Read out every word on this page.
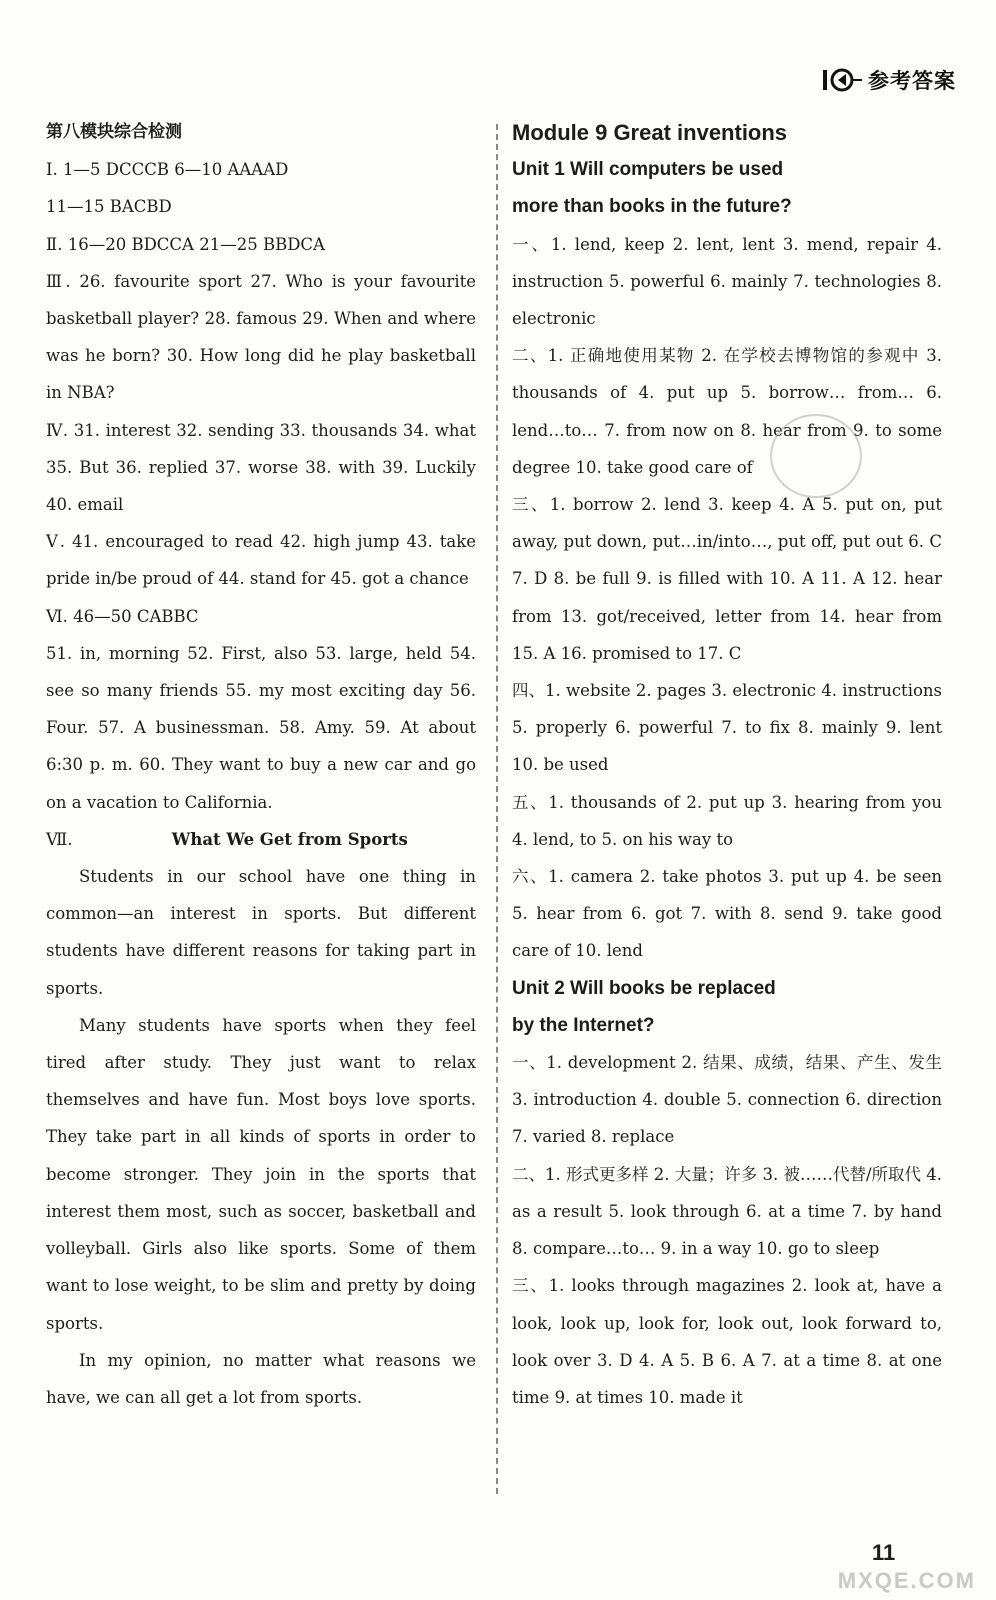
参考答案

第八模块综合检测

Ⅰ. 1—5 DCCCB 6—10 AAAAD

11—15 BACBD

Ⅱ. 16—20 BDCCA 21—25 BBDCA

Ⅲ. 26. favourite sport 27. Who is your favourite basketball player? 28. famous 29. When and where was he born? 30. How long did he play basketball in NBA?

Ⅳ. 31. interest 32. sending 33. thousands 34. what 35. But 36. replied 37. worse 38. with 39. Luckily 40. email

Ⅴ. 41. encouraged to read 42. high jump 43. take pride in/be proud of 44. stand for 45. got a chance

Ⅵ. 46—50 CABBC

51. in, morning 52. First, also 53. large, held 54. see so many friends 55. my most exciting day 56. Four. 57. A businessman. 58. Amy. 59. At about 6:30 p. m. 60. They want to buy a new car and go on a vacation to California.

Ⅶ.	What We Get from Sports

Students in our school have one thing in common—an interest in sports. But different students have different reasons for taking part in sports.

Many students have sports when they feel tired after study. They just want to relax themselves and have fun. Most boys love sports. They take part in all kinds of sports in order to become stronger. They join in the sports that interest them most, such as soccer, basketball and volleyball. Girls also like sports. Some of them want to lose weight, to be slim and pretty by doing sports.

In my opinion, no matter what reasons we have, we can all get a lot from sports.

Module 9 Great inventions

Unit 1 Will computers be used

more than books in the future?

一、1. lend, keep 2. lent, lent 3. mend, repair 4. instruction 5. powerful 6. mainly 7. technologies 8. electronic

二、1. 正确地使用某物 2. 在学校去博物馆的参观中 3. thousands of 4. put up 5. borrow… from… 6. lend…to… 7. from now on 8. hear from 9. to some degree 10. take good care of

三、1. borrow 2. lend 3. keep 4. A 5. put on, put away, put down, put…in/into…, put off, put out 6. C 7. D 8. be full 9. is filled with 10. A 11. A 12. hear from 13. got/received, letter from 14. hear from 15. A 16. promised to 17. C

四、1. website 2. pages 3. electronic 4. instructions 5. properly 6. powerful 7. to fix 8. mainly 9. lent 10. be used

五、1. thousands of 2. put up 3. hearing from you 4. lend, to 5. on his way to

六、1. camera 2. take photos 3. put up 4. be seen 5. hear from 6. got 7. with 8. send 9. take good care of 10. lend

Unit 2 Will books be replaced

by the Internet?

一、1. development 2. 结果、成绩，结果、产生、发生 3. introduction 4. double 5. connection 6. direction 7. varied 8. replace

二、1. 形式更多样 2. 大量；许多 3. 被……代替/所取代 4. as a result 5. look through 6. at a time 7. by hand 8. compare…to… 9. in a way 10. go to sleep

三、1. looks through magazines 2. look at, have a look, look up, look for, look out, look forward to, look over 3. D 4. A 5. B 6. A 7. at a time 8. at one time 9. at times 10. made it

11
MXQE.COM
